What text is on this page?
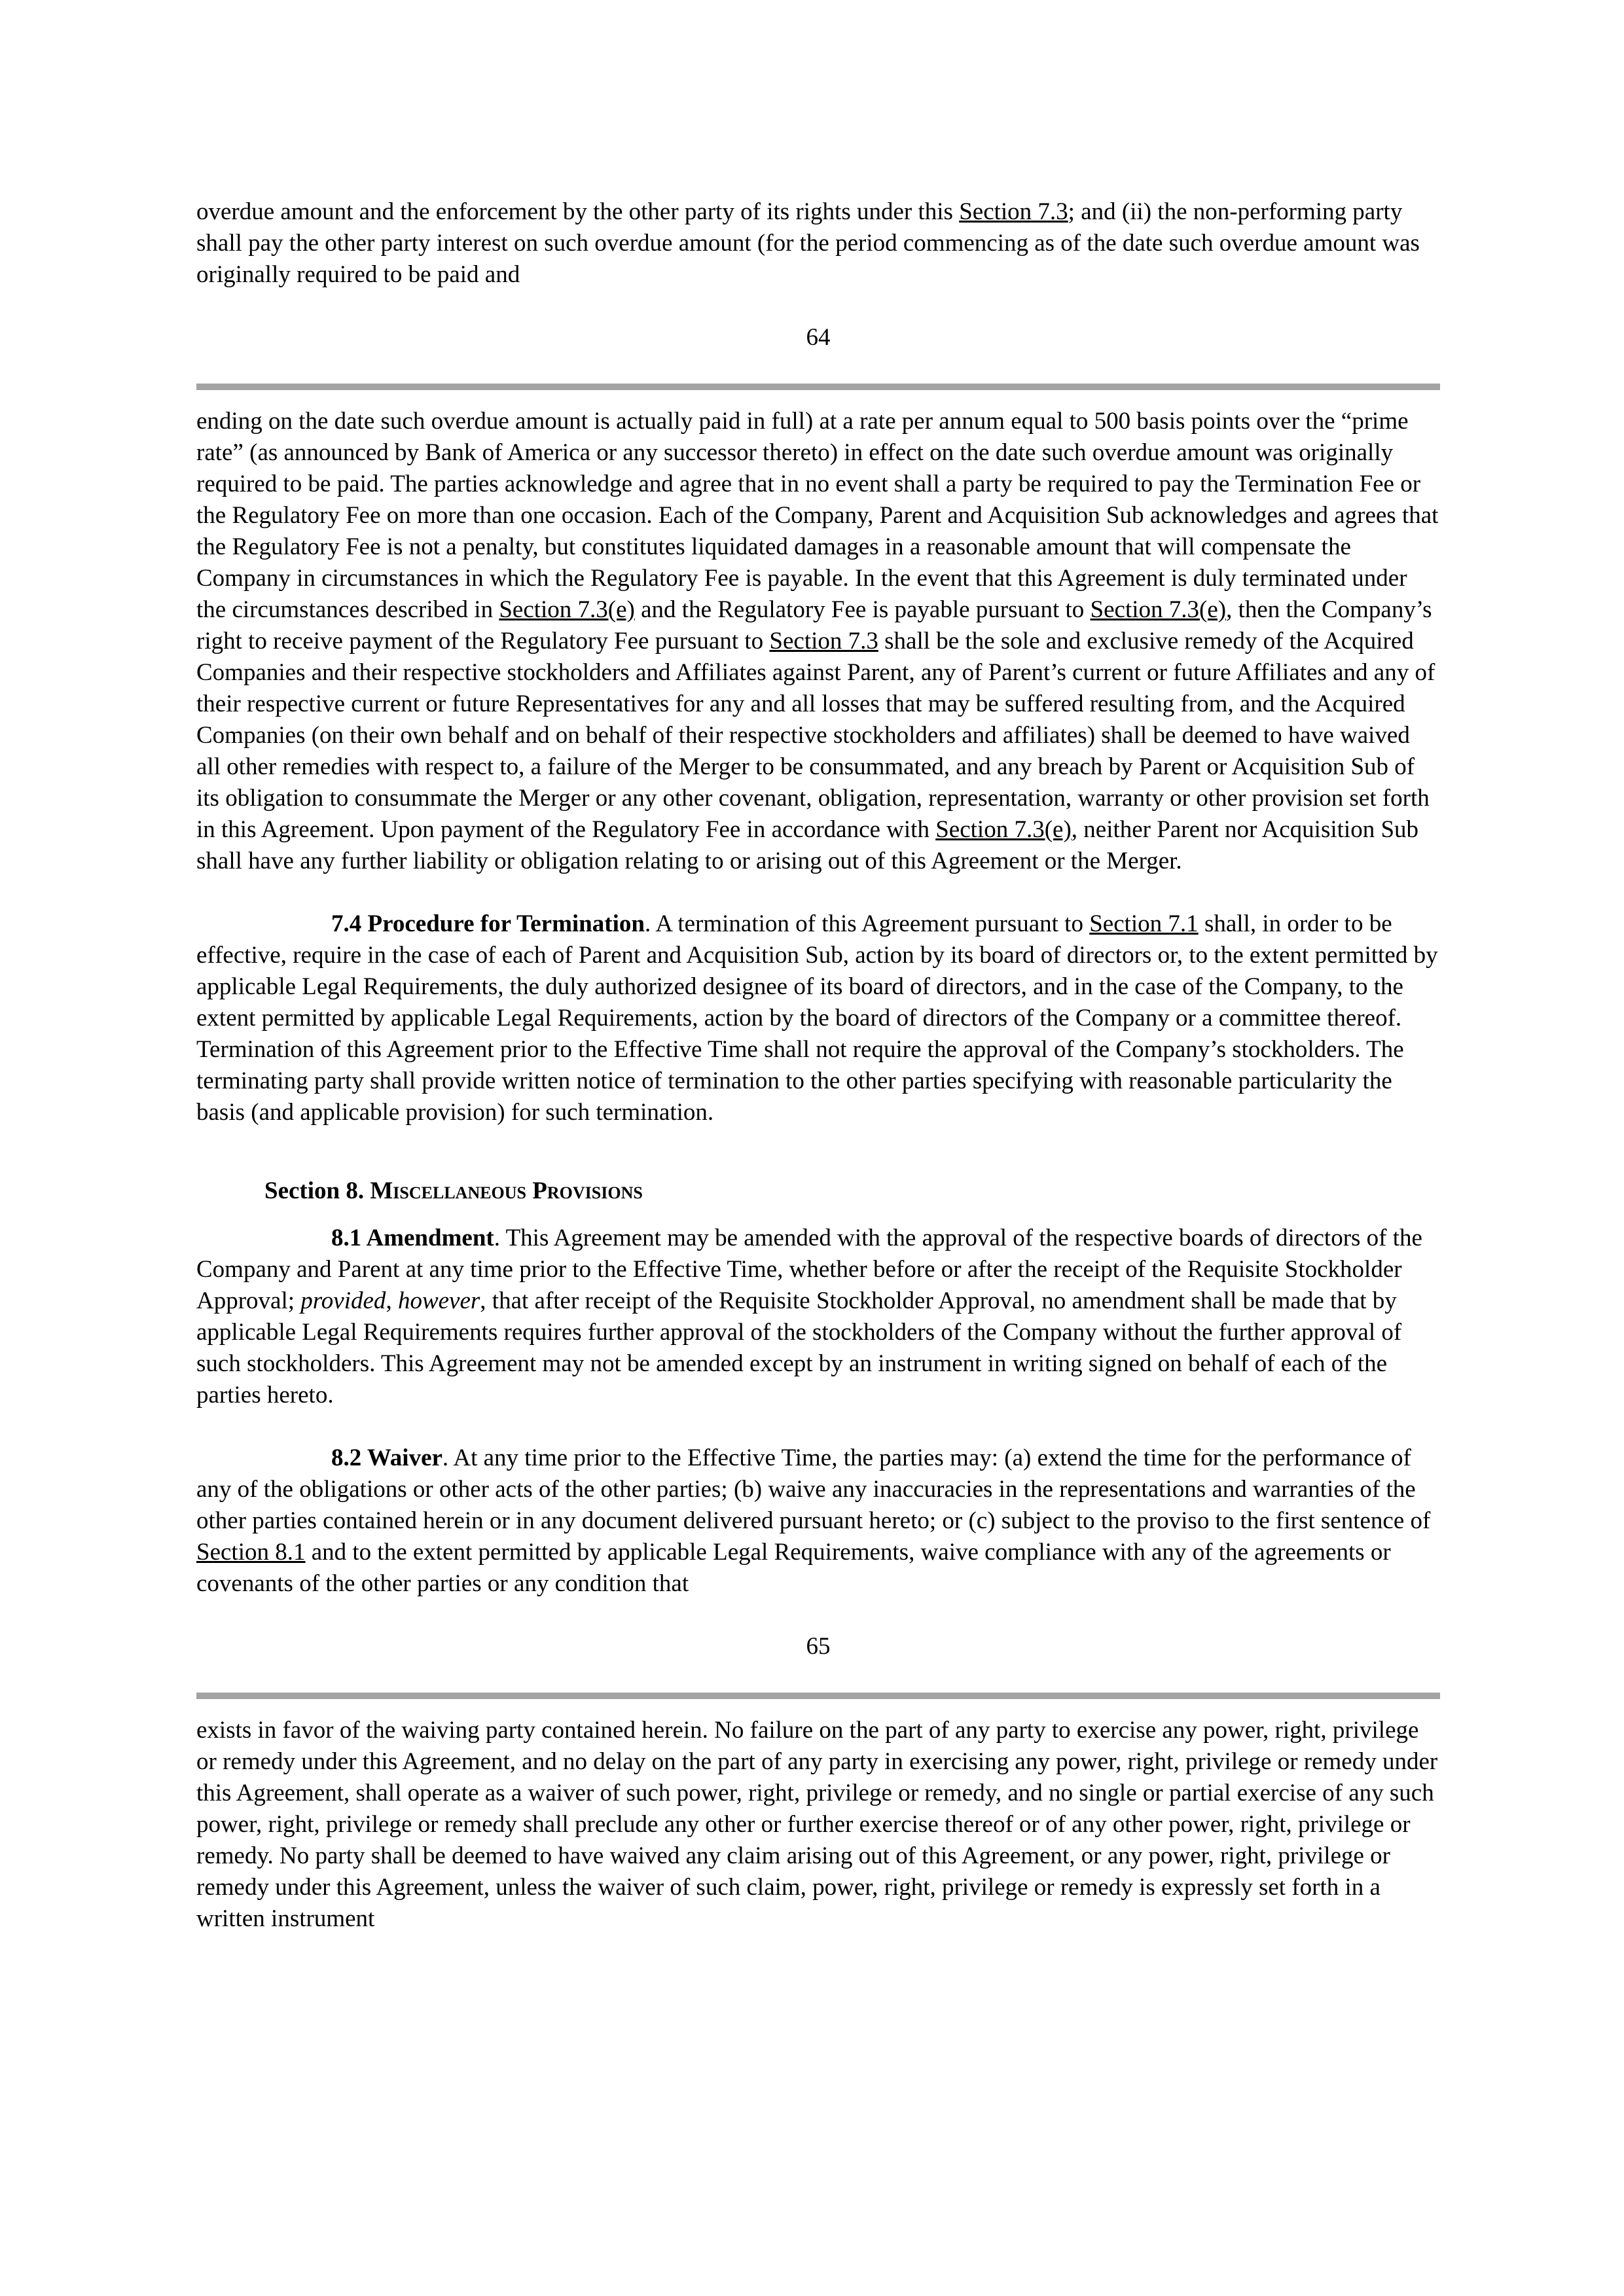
overdue amount and the enforcement by the other party of its rights under this Section 7.3; and (ii) the non-performing party shall pay the other party interest on such overdue amount (for the period commencing as of the date such overdue amount was originally required to be paid and

64

ending on the date such overdue amount is actually paid in full) at a rate per annum equal to 500 basis points over the “prime rate” (as announced by Bank of America or any successor thereto) in effect on the date such overdue amount was originally required to be paid. The parties acknowledge and agree that in no event shall a party be required to pay the Termination Fee or the Regulatory Fee on more than one occasion. Each of the Company, Parent and Acquisition Sub acknowledges and agrees that the Regulatory Fee is not a penalty, but constitutes liquidated damages in a reasonable amount that will compensate the Company in circumstances in which the Regulatory Fee is payable. In the event that this Agreement is duly terminated under the circumstances described in Section 7.3(e) and the Regulatory Fee is payable pursuant to Section 7.3(e), then the Company’s right to receive payment of the Regulatory Fee pursuant to Section 7.3 shall be the sole and exclusive remedy of the Acquired Companies and their respective stockholders and Affiliates against Parent, any of Parent’s current or future Affiliates and any of their respective current or future Representatives for any and all losses that may be suffered resulting from, and the Acquired Companies (on their own behalf and on behalf of their respective stockholders and affiliates) shall be deemed to have waived all other remedies with respect to, a failure of the Merger to be consummated, and any breach by Parent or Acquisition Sub of its obligation to consummate the Merger or any other covenant, obligation, representation, warranty or other provision set forth in this Agreement. Upon payment of the Regulatory Fee in accordance with Section 7.3(e), neither Parent nor Acquisition Sub shall have any further liability or obligation relating to or arising out of this Agreement or the Merger.

7.4 Procedure for Termination. A termination of this Agreement pursuant to Section 7.1 shall, in order to be effective, require in the case of each of Parent and Acquisition Sub, action by its board of directors or, to the extent permitted by applicable Legal Requirements, the duly authorized designee of its board of directors, and in the case of the Company, to the extent permitted by applicable Legal Requirements, action by the board of directors of the Company or a committee thereof. Termination of this Agreement prior to the Effective Time shall not require the approval of the Company’s stockholders. The terminating party shall provide written notice of termination to the other parties specifying with reasonable particularity the basis (and applicable provision) for such termination.

Section 8. Miscellaneous Provisions

8.1 Amendment. This Agreement may be amended with the approval of the respective boards of directors of the Company and Parent at any time prior to the Effective Time, whether before or after the receipt of the Requisite Stockholder Approval; provided, however, that after receipt of the Requisite Stockholder Approval, no amendment shall be made that by applicable Legal Requirements requires further approval of the stockholders of the Company without the further approval of such stockholders. This Agreement may not be amended except by an instrument in writing signed on behalf of each of the parties hereto.

8.2 Waiver. At any time prior to the Effective Time, the parties may: (a) extend the time for the performance of any of the obligations or other acts of the other parties; (b) waive any inaccuracies in the representations and warranties of the other parties contained herein or in any document delivered pursuant hereto; or (c) subject to the proviso to the first sentence of Section 8.1 and to the extent permitted by applicable Legal Requirements, waive compliance with any of the agreements or covenants of the other parties or any condition that

65

exists in favor of the waiving party contained herein. No failure on the part of any party to exercise any power, right, privilege or remedy under this Agreement, and no delay on the part of any party in exercising any power, right, privilege or remedy under this Agreement, shall operate as a waiver of such power, right, privilege or remedy, and no single or partial exercise of any such power, right, privilege or remedy shall preclude any other or further exercise thereof or of any other power, right, privilege or remedy. No party shall be deemed to have waived any claim arising out of this Agreement, or any power, right, privilege or remedy under this Agreement, unless the waiver of such claim, power, right, privilege or remedy is expressly set forth in a written instrument
